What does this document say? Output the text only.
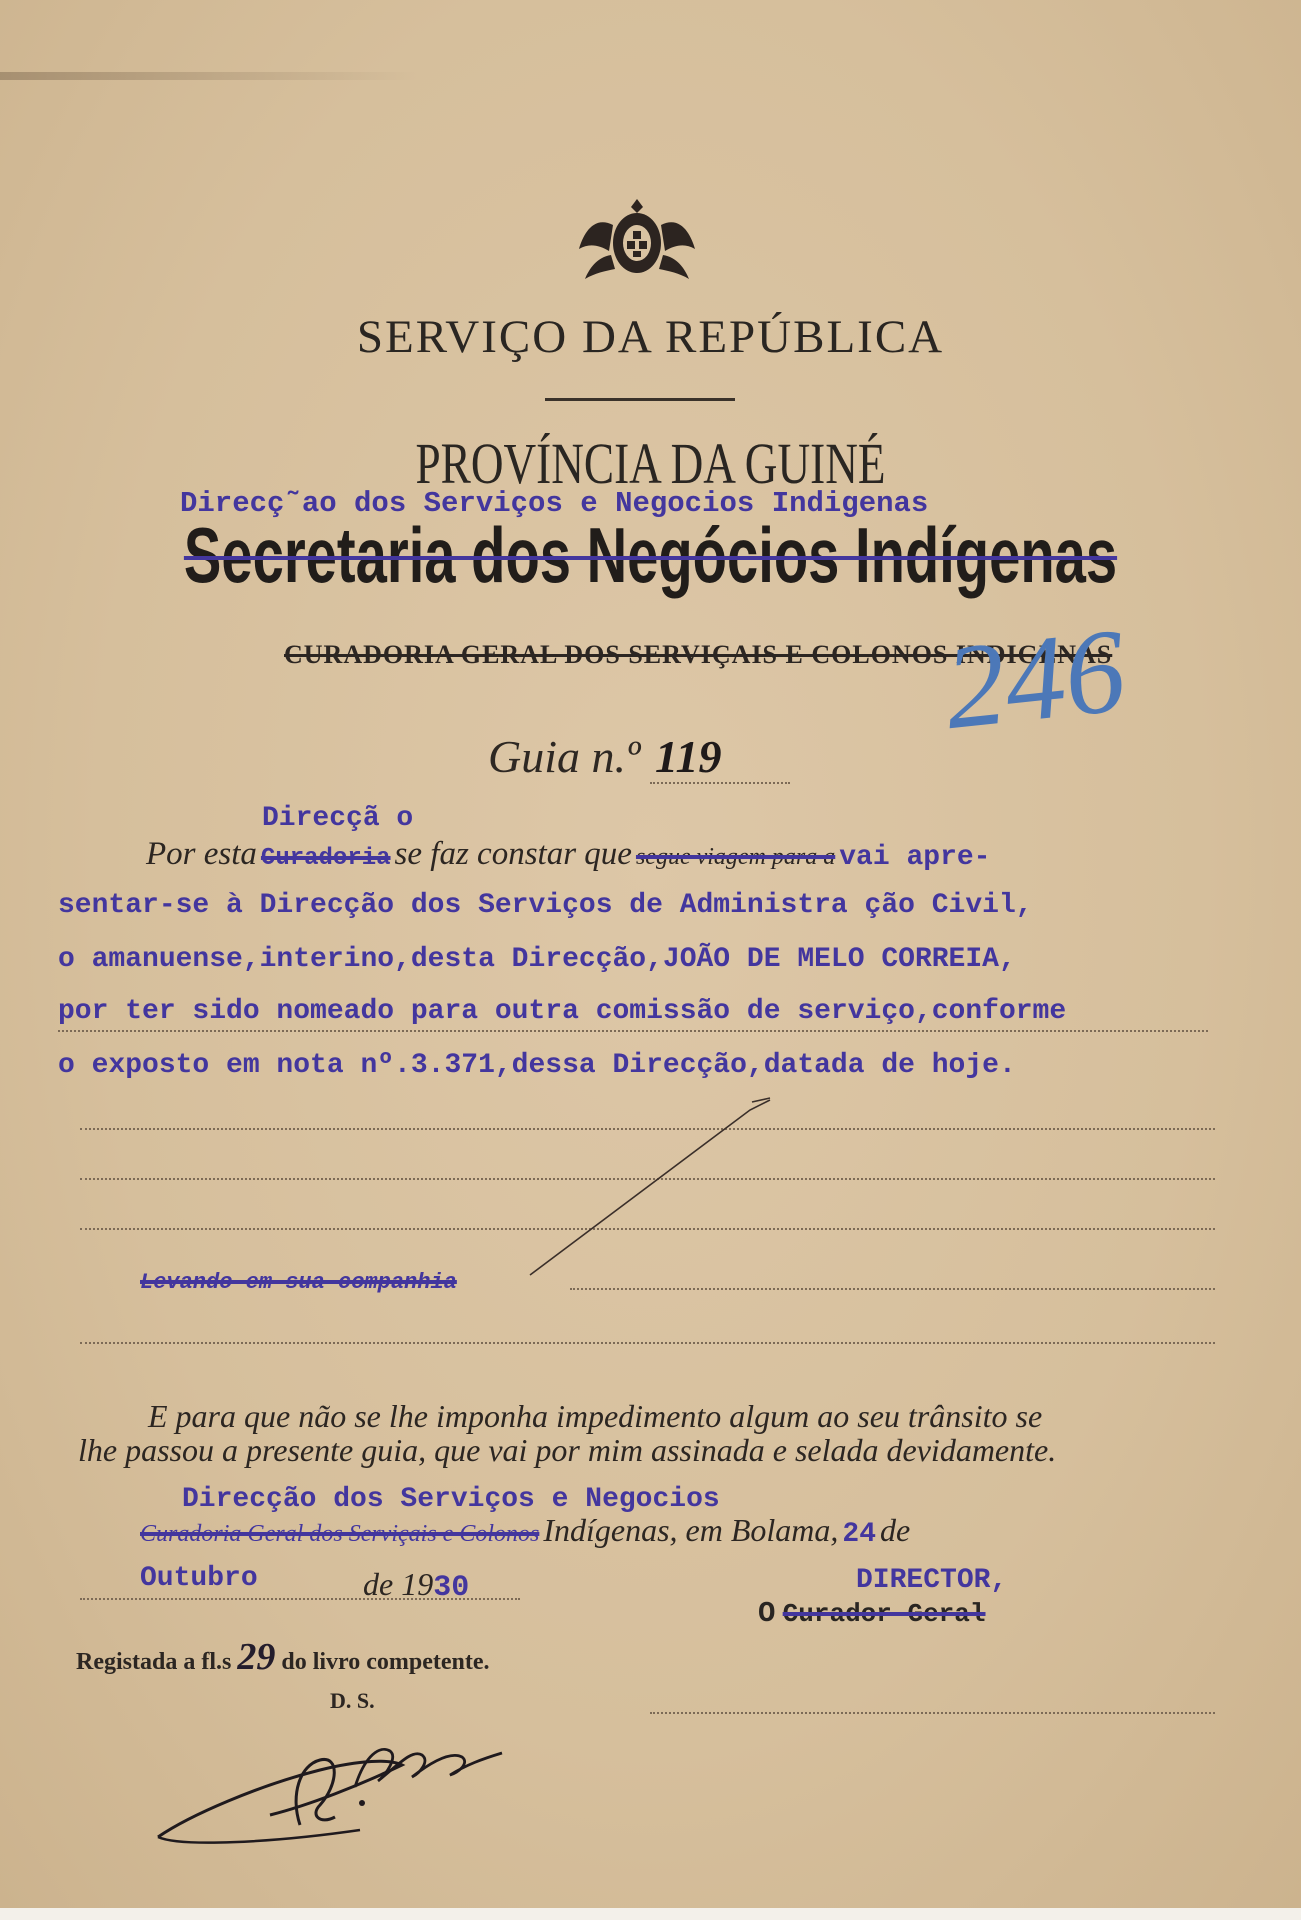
SERVIÇO DA REPÚBLICA
PROVÍNCIA DA GUINÉ
Secretaria dos Negócios Indígenas
Direcç˜ao dos Serviços e Negocios Indigenas
CURADORIA GERAL DOS SERVIÇAIS E COLONOS INDIGENAS
246
Guia n.º 119
Direcçã o
Por esta Curadoria se faz constar que segue viagem para a vai apre-
sentar-se à Direcção dos Serviços de Administra ção Civil,
o amanuense,interino,desta Direcção,JOÃO DE MELO CORREIA,
por ter sido nomeado para outra comissão de serviço,conforme
o exposto em nota nº.3.371,dessa Direcção,datada de hoje.
Levando em sua companhia
E para que não se lhe imponha impedimento algum ao seu trânsito se
lhe passou a presente guia, que vai por mim assinada e selada devidamente.
Direcção dos Serviços e Negocios
Curadoria Geral dos Serviçais e Colonos Indígenas, em Bolama, 24 de
Outubro	de 1930	DIRECTOR,
O Curador Geral
Registada a fl.s 29 do livro competente.
D. S.
